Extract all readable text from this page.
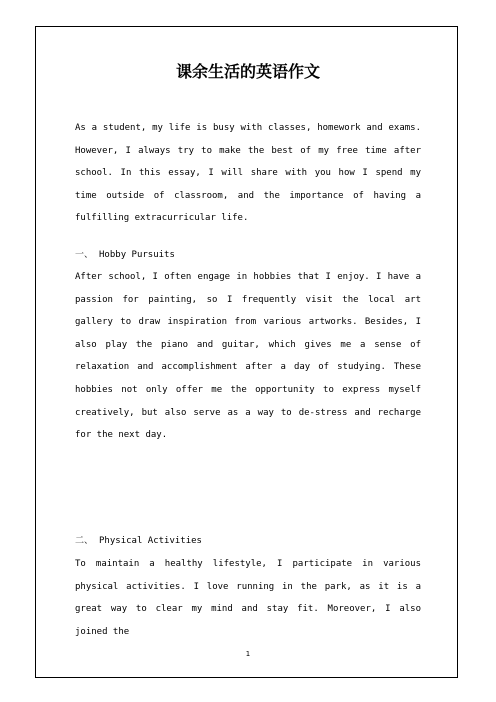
课余生活的英语作文

As a student, my life is busy with classes, homework and exams. However, I always try to make the best of my free time after school. In this essay, I will share with you how I spend my time outside of classroom, and the importance of having a fulfilling extracurricular life.

一、 Hobby Pursuits

After school, I often engage in hobbies that I enjoy. I have a passion for painting, so I frequently visit the local art gallery to draw inspiration from various artworks. Besides, I also play the piano and guitar, which gives me a sense of relaxation and accomplishment after a day of studying. These hobbies not only offer me the opportunity to express myself creatively, but also serve as a way to de-stress and recharge for the next day.

二、 Physical Activities

To maintain a healthy lifestyle, I participate in various physical activities. I love running in the park, as it is a great way to clear my mind and stay fit. Moreover, I also joined the

1
